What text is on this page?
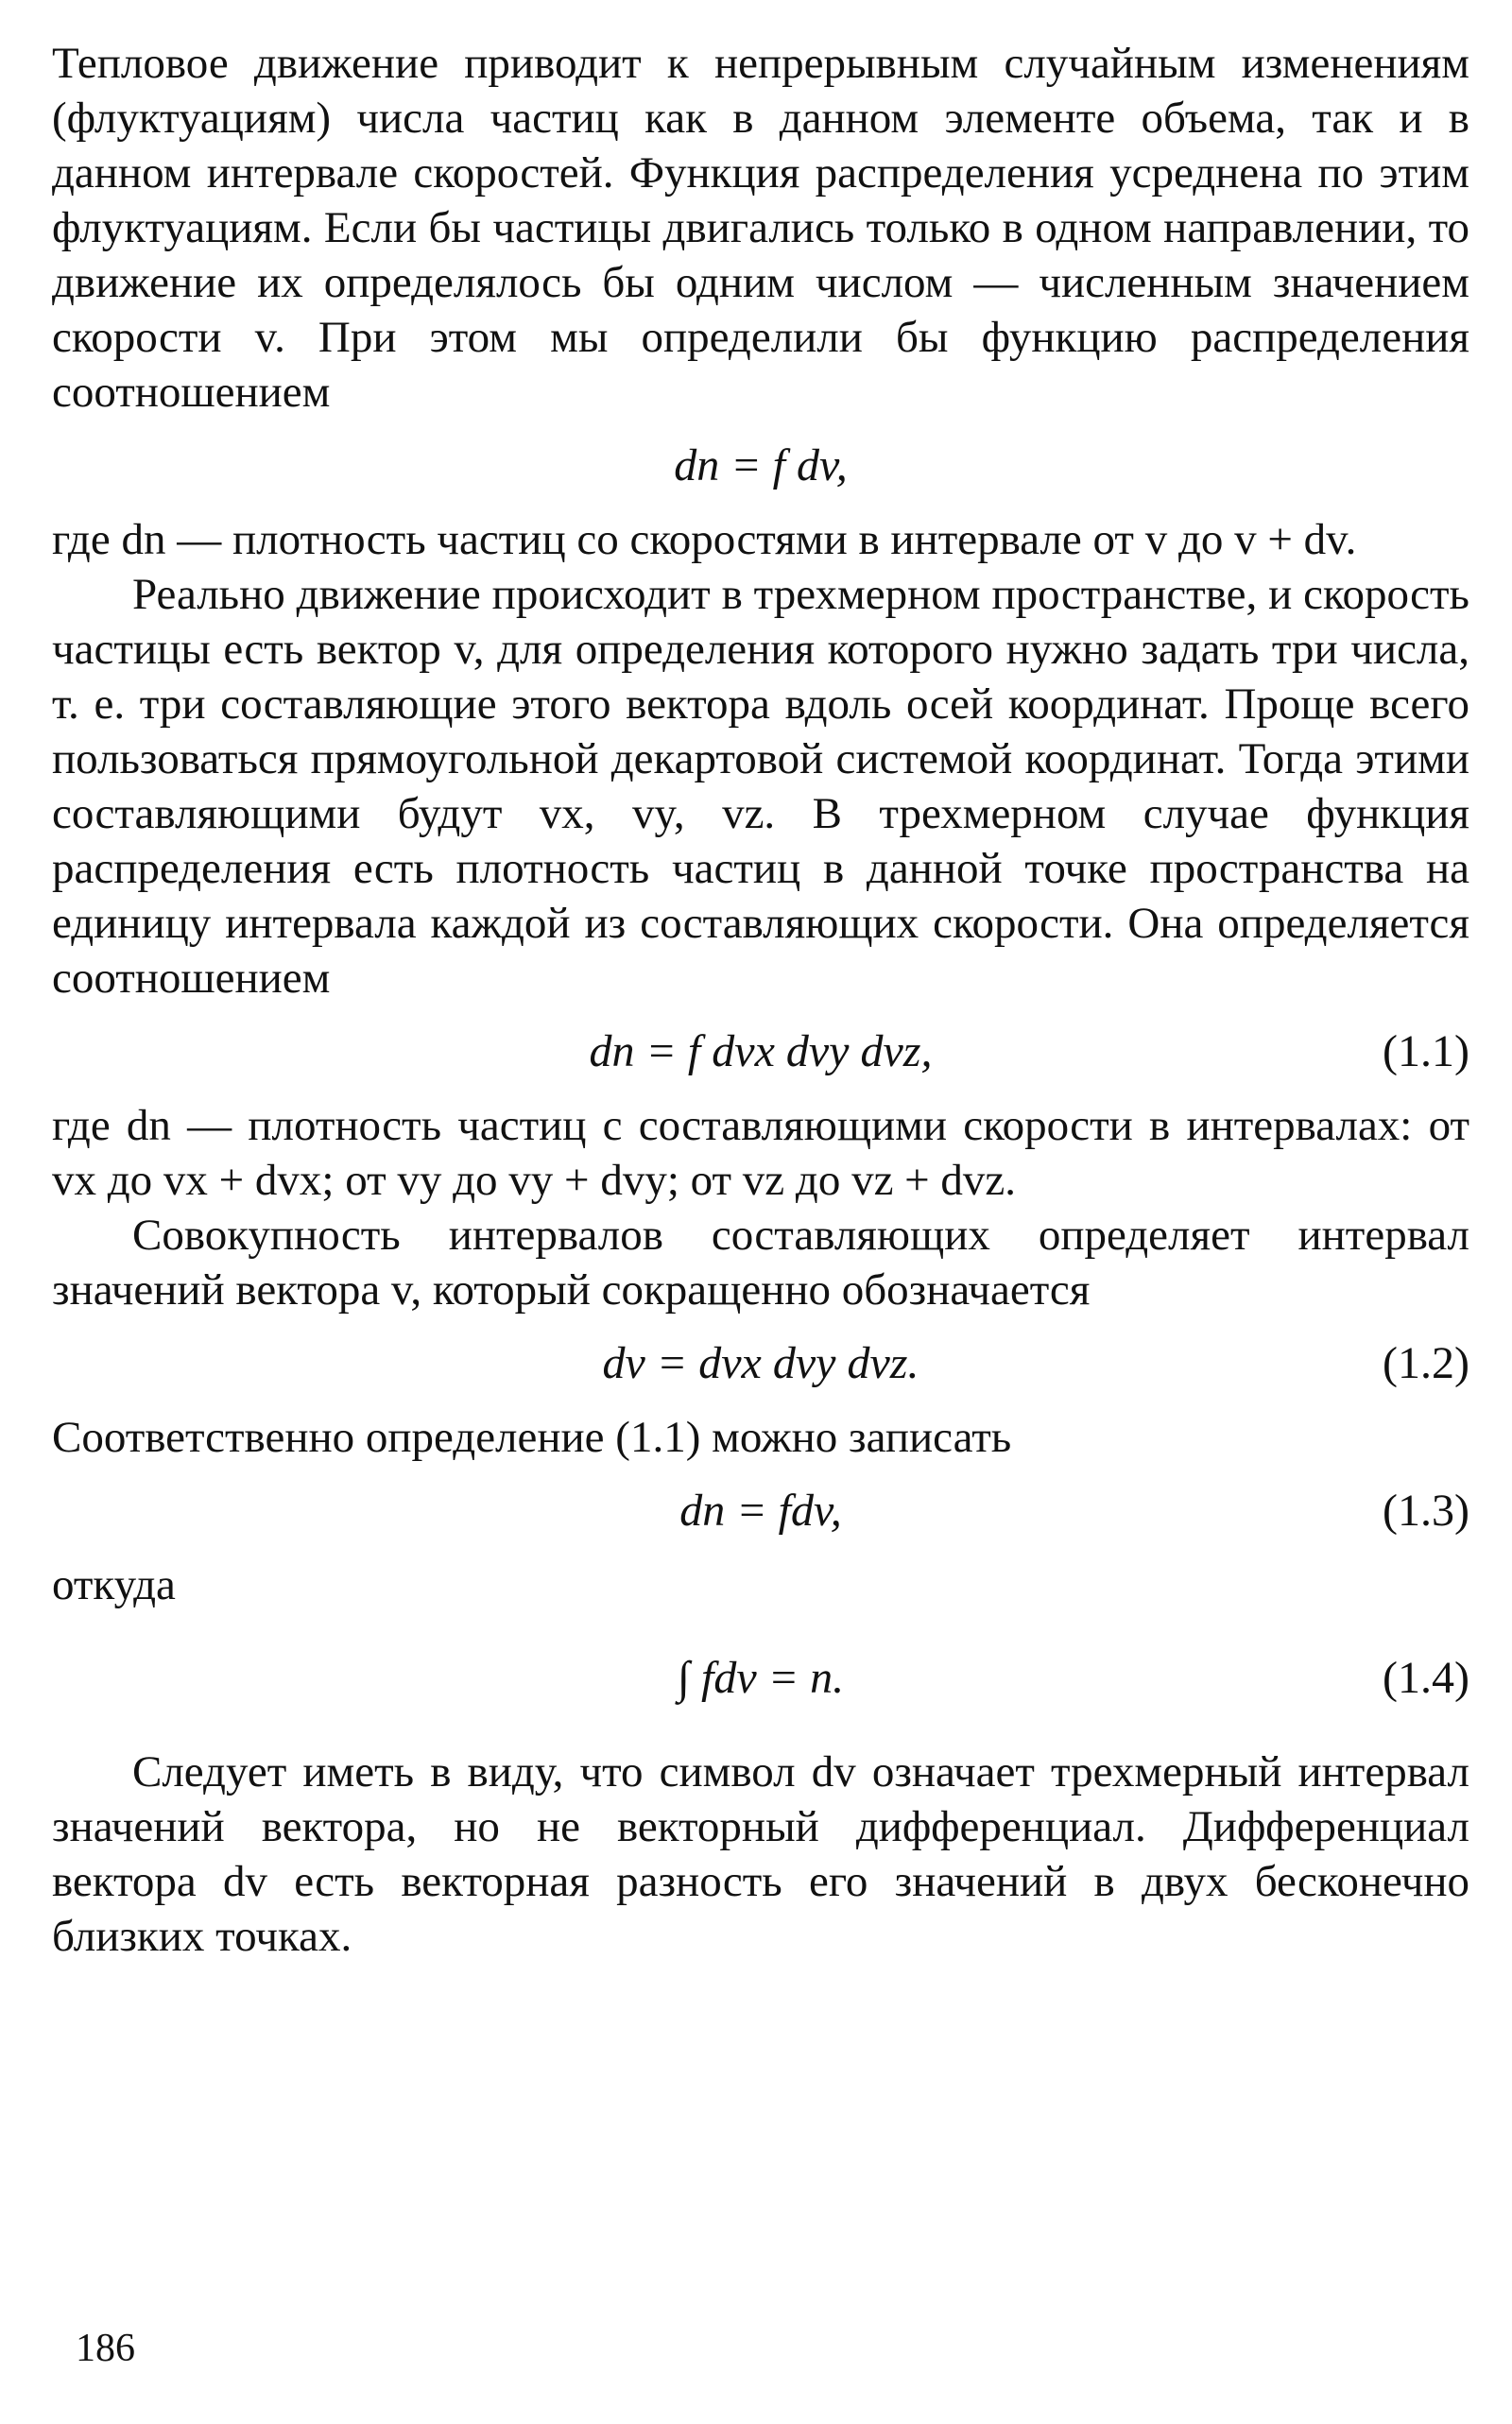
Тепловое движение приводит к непрерывным случайным изменениям (флуктуациям) числа частиц как в данном элементе объема, так и в данном интервале скоростей. Функция распределения усреднена по этим флуктуациям. Если бы частицы двигались только в одном направлении, то движение их определялось бы одним числом — численным значением скорости v. При этом мы определили бы функцию распределения соотношением

dn = f dv,

где dn — плотность частиц со скоростями в интервале от v до v + dv.

Реально движение происходит в трехмерном пространстве, и скорость частицы есть вектор v, для определения которого нужно задать три числа, т. е. три составляющие этого вектора вдоль осей координат. Проще всего пользоваться прямоугольной декартовой системой координат. Тогда этими составляющими будут vx, vy, vz. В трехмерном случае функция распределения есть плотность частиц в данной точке пространства на единицу интервала каждой из составляющих скорости. Она определяется соотношением

dn = f dvx dvy dvz,	(1.1)

где dn — плотность частиц с составляющими скорости в интервалах: от vx до vx + dvx; от vy до vy + dvy; от vz до vz + dvz.

Совокупность интервалов составляющих определяет интервал значений вектора v, который сокращенно обозначается

dv = dvx dvy dvz.	(1.2)

Соответственно определение (1.1) можно записать

dn = fdv,	(1.3)

откуда

∫ fdv = n.	(1.4)

Следует иметь в виду, что символ dv означает трехмерный интервал значений вектора, но не векторный дифференциал. Дифференциал вектора dv есть векторная разность его значений в двух бесконечно близких точках.

186
